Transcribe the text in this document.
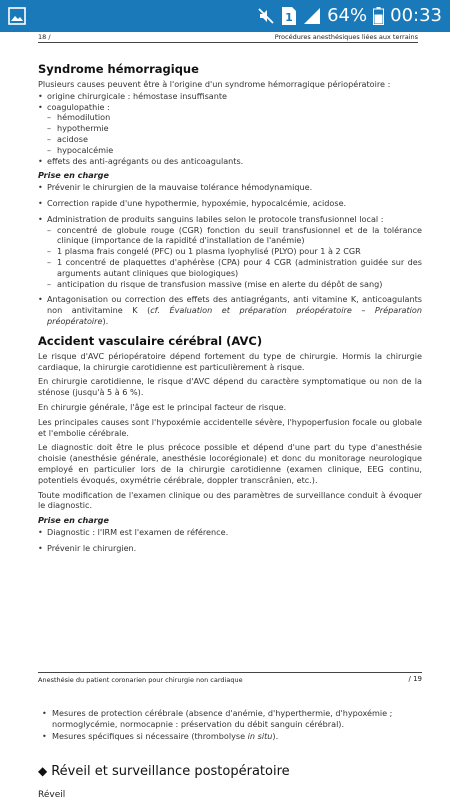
1 64% 00:33
18 /	Procédures anesthésiques liées aux terrains
Syndrome hémorragique

Plusieurs causes peuvent être à l'origine d'un syndrome hémorragique périopératoire :

• origine chirurgicale : hémostase insuffisante
• coagulopathie :
– hémodilution
– hypothermie
– acidose
– hypocalcémie
• effets des anti-agrégants ou des anticoagulants.
Prise en charge
• Prévenir le chirurgien de la mauvaise tolérance hémodynamique.
• Correction rapide d'une hypothermie, hypoxémie, hypocalcémie, acidose.
• Administration de produits sanguins labiles selon le protocole transfusionnel local :
– concentré de globule rouge (CGR) fonction du seuil transfusionnel et de la tolérance clinique (importance de la rapidité d'installation de l'anémie)
– 1 plasma frais congelé (PFC) ou 1 plasma lyophylisé (PLYO) pour 1 à 2 CGR
– 1 concentré de plaquettes d'aphérèse (CPA) pour 4 CGR (administration guidée sur des arguments autant cliniques que biologiques)
– anticipation du risque de transfusion massive (mise en alerte du dépôt de sang)
• Antagonisation ou correction des effets des antiagrégants, anti vitamine K, anticoagulants non antivitamine K (cf. Évaluation et préparation préopératoire – Préparation préopératoire).
Accident vasculaire cérébral (AVC)

Le risque d'AVC périopératoire dépend fortement du type de chirurgie. Hormis la chirurgie cardiaque, la chirurgie carotidienne est particulièrement à risque.

En chirurgie carotidienne, le risque d'AVC dépend du caractère symptomatique ou non de la sténose (jusqu'à 5 à 6 %).

En chirurgie générale, l'âge est le principal facteur de risque.

Les principales causes sont l'hypoxémie accidentelle sévère, l'hypoperfusion focale ou globale et l'embolie cérébrale.

Le diagnostic doit être le plus précoce possible et dépend d'une part du type d'anesthésie choisie (anesthésie générale, anesthésie locorégionale) et donc du monitorage neurologique employé en particulier lors de la chirurgie carotidienne (examen clinique, EEG continu, potentiels évoqués, oxymétrie cérébrale, doppler transcrânien, etc.).

Toute modification de l'examen clinique ou des paramètres de surveillance conduit à évoquer le diagnostic.

Prise en charge
• Diagnostic : l'IRM est l'examen de référence.
• Prévenir le chirurgien.
Anesthésie du patient coronarien pour chirurgie non cardiaque	/ 19
• Mesures de protection cérébrale (absence d'anémie, d'hyperthermie, d'hypoxémie ; normoglycémie, normocapnie : préservation du débit sanguin cérébral).
• Mesures spécifiques si nécessaire (thrombolyse in situ).
◆ Réveil et surveillance postopératoire
Réveil
